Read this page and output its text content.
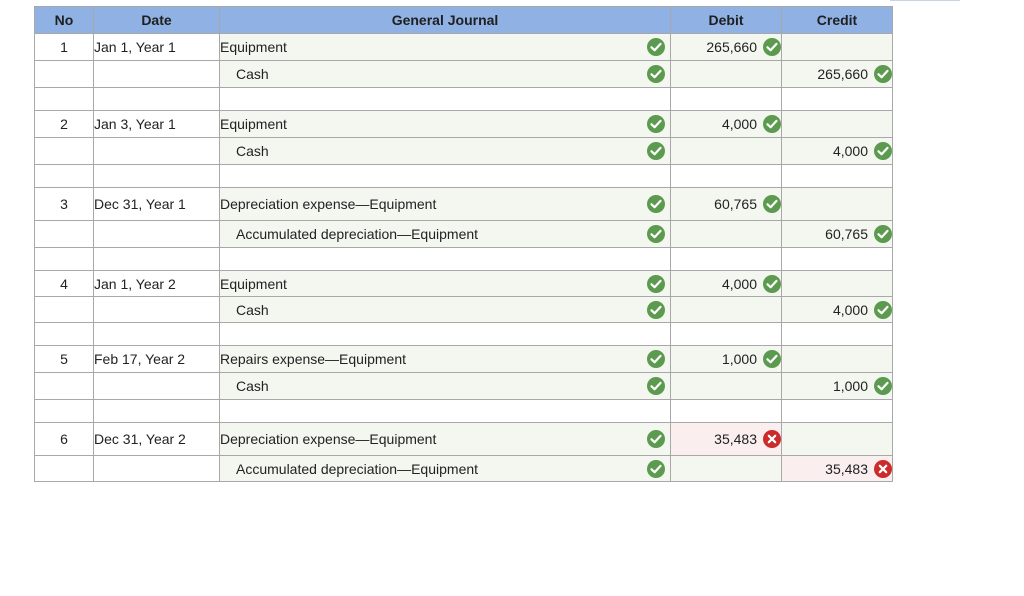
No	Date	General Journal	Debit	Credit
1	Jan 1, Year 1	Equipment	265,660

		Cash		265,660

2	Jan 3, Year 1	Equipment	4,000

		Cash		4,000

3	Dec 31, Year 1	Depreciation expense—Equipment	60,765

		Accumulated depreciation—Equipment		60,765

4	Jan 1, Year 2	Equipment	4,000

		Cash		4,000

5	Feb 17, Year 2	Repairs expense—Equipment	1,000

		Cash		1,000

6	Dec 31, Year 2	Depreciation expense—Equipment	35,483

		Accumulated depreciation—Equipment		35,483
